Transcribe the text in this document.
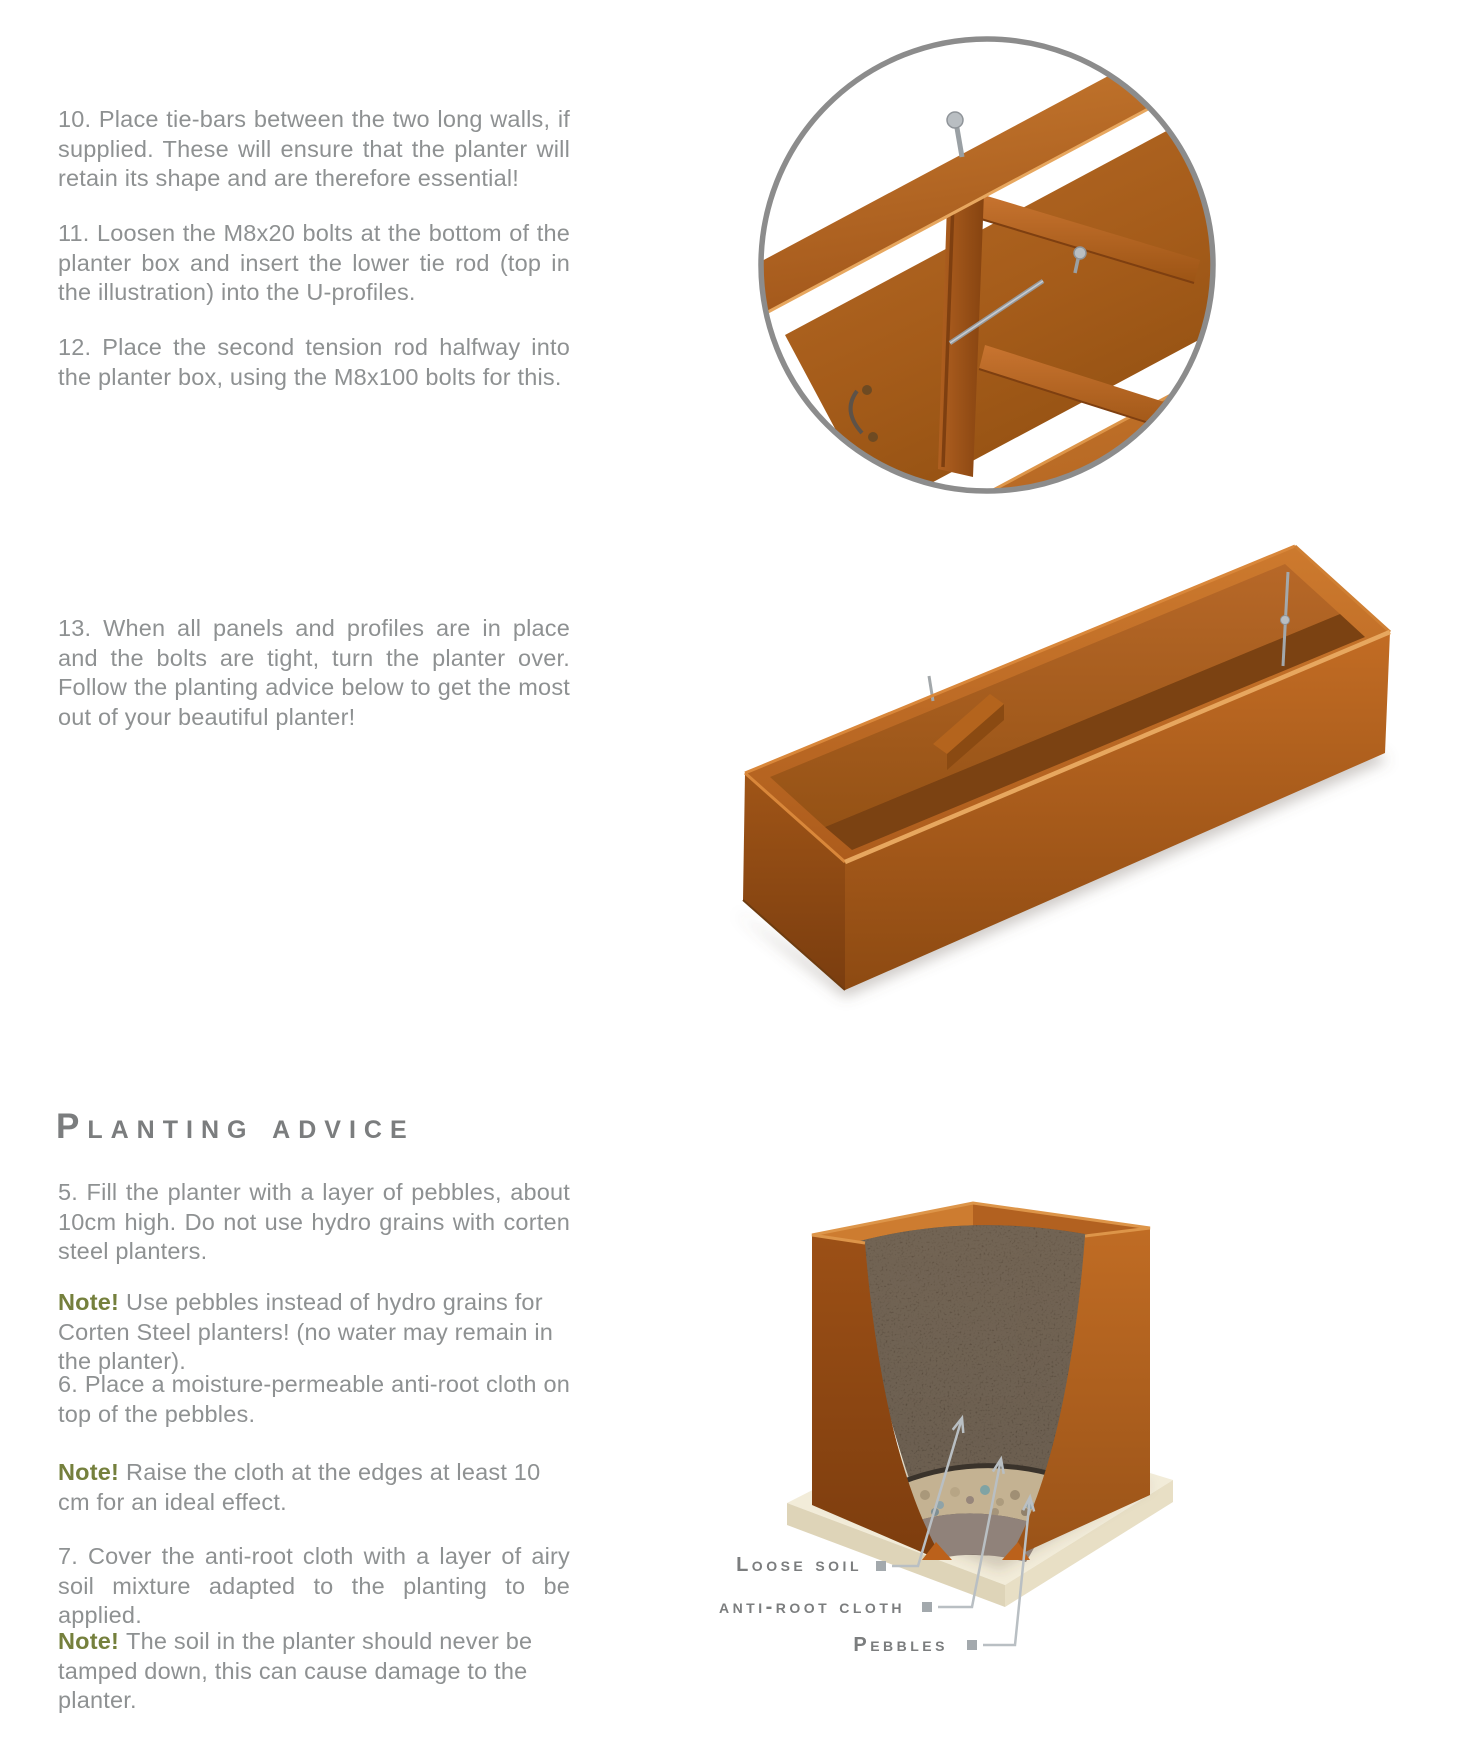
10. Place tie-bars between the two long walls, if supplied. These will ensure that the planter will retain its shape and are therefore essential!

11. Loosen the M8x20 bolts at the bottom of the planter box and insert the lower tie rod (top in the illustration) into the U-profiles.

12. Place the second tension rod halfway into the planter box, using the M8x100 bolts for this.

13. When all panels and profiles are in place and the bolts are tight, turn the planter over. Follow the planting advice below to get the most out of your beautiful planter!

Planting advice

5. Fill the planter with a layer of pebbles, about 10cm high. Do not use hydro grains with corten steel planters.

Note! Use pebbles instead of hydro grains for Corten Steel planters! (no water may remain in the planter).

6. Place a moisture-permeable anti-root cloth on top of the pebbles.

Note! Raise the cloth at the edges at least 10 cm for an ideal effect.

7. Cover the anti-root cloth with a layer of airy soil mixture adapted to the planting to be applied.

Note! The soil in the planter should never be tamped down, this can cause damage to the planter.

Loose soil

anti-root cloth

Pebbles
